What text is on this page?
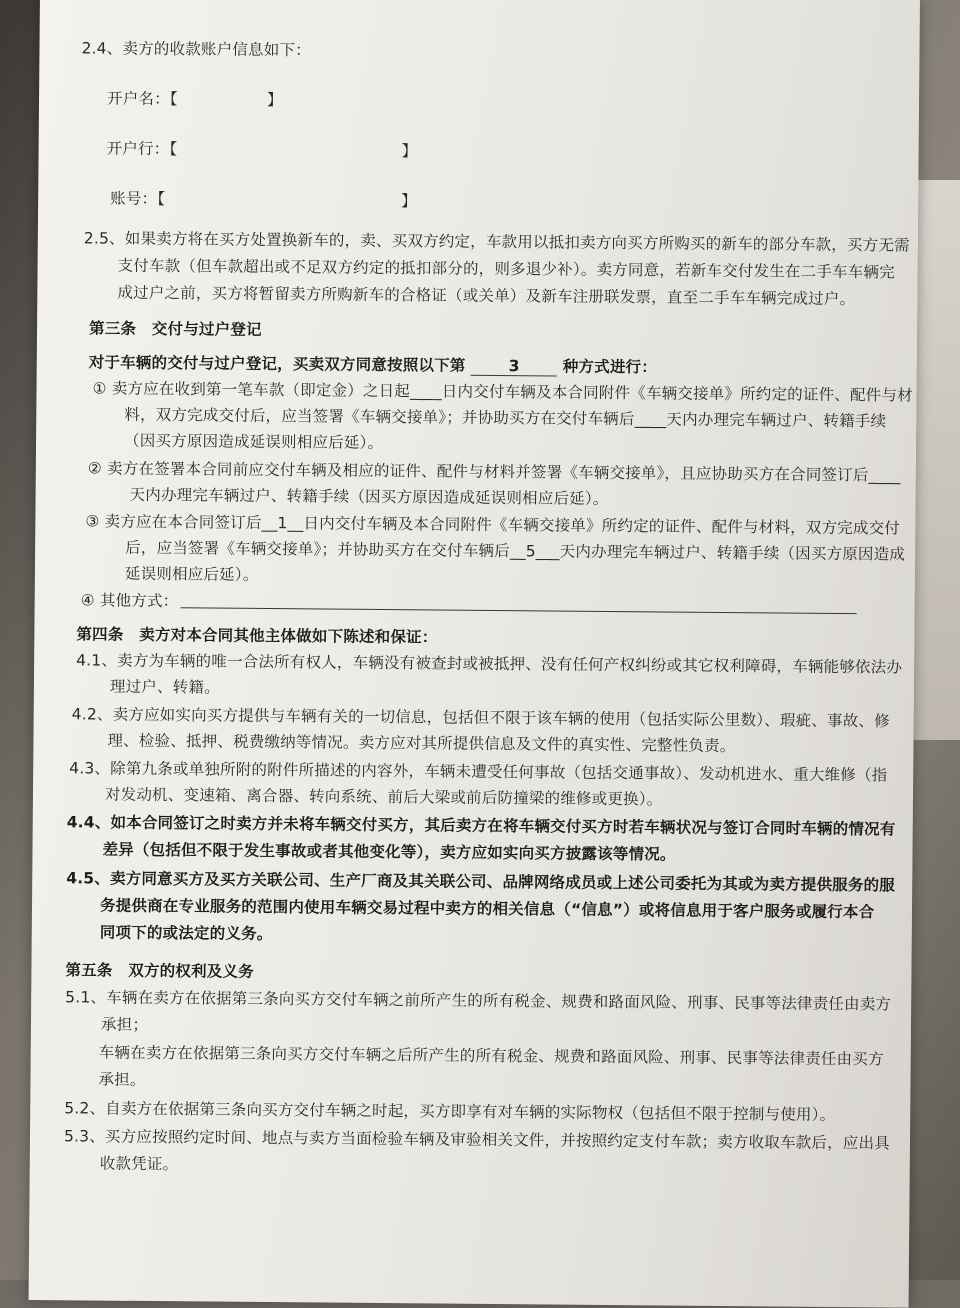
2.4、卖方的收款账户信息如下：
开户名：【	】
开户行：【	】
账号：【	】
2.5、如果卖方将在买方处置换新车的，卖、买双方约定，车款用以抵扣卖方向买方所购买的新车的部分车款，买方无需
支付车款（但车款超出或不足双方约定的抵扣部分的，则多退少补）。卖方同意，若新车交付发生在二手车车辆完
成过户之前，买方将暂留卖方所购新车的合格证（或关单）及新车注册联发票，直至二手车车辆完成过户。
第三条　交付与过户登记
对于车辆的交付与过户登记，买卖双方同意按照以下第	3	种方式进行：
① 卖方应在收到第一笔车款（即定金）之日起____日内交付车辆及本合同附件《车辆交接单》所约定的证件、配件与材
料，双方完成交付后，应当签署《车辆交接单》；并协助买方在交付车辆后____天内办理完车辆过户、转籍手续
（因买方原因造成延误则相应后延）。
② 卖方在签署本合同前应交付车辆及相应的证件、配件与材料并签署《车辆交接单》，且应协助买方在合同签订后____
天内办理完车辆过户、转籍手续（因买方原因造成延误则相应后延）。
③ 卖方应在本合同签订后__1__日内交付车辆及本合同附件《车辆交接单》所约定的证件、配件与材料，双方完成交付
后，应当签署《车辆交接单》；并协助买方在交付车辆后__5___天内办理完车辆过户、转籍手续（因买方原因造成
延误则相应后延）。
④ 其他方式：
第四条　卖方对本合同其他主体做如下陈述和保证：
4.1、卖方为车辆的唯一合法所有权人，车辆没有被查封或被抵押、没有任何产权纠纷或其它权利障碍，车辆能够依法办
理过户、转籍。
4.2、卖方应如实向买方提供与车辆有关的一切信息，包括但不限于该车辆的使用（包括实际公里数）、瑕疵、事故、修
理、检验、抵押、税费缴纳等情况。卖方应对其所提供信息及文件的真实性、完整性负责。
4.3、除第九条或单独所附的附件所描述的内容外，车辆未遭受任何事故（包括交通事故）、发动机进水、重大维修（指
对发动机、变速箱、离合器、转向系统、前后大梁或前后防撞梁的维修或更换）。
4.4、如本合同签订之时卖方并未将车辆交付买方，其后卖方在将车辆交付买方时若车辆状况与签订合同时车辆的情况有
差异（包括但不限于发生事故或者其他变化等），卖方应如实向买方披露该等情况。
4.5、卖方同意买方及买方关联公司、生产厂商及其关联公司、品牌网络成员或上述公司委托为其或为卖方提供服务的服
务提供商在专业服务的范围内使用车辆交易过程中卖方的相关信息（“信息”）或将信息用于客户服务或履行本合
同项下的或法定的义务。
第五条　双方的权利及义务
5.1、车辆在卖方在依据第三条向买方交付车辆之前所产生的所有税金、规费和路面风险、刑事、民事等法律责任由卖方
承担；
车辆在卖方在依据第三条向买方交付车辆之后所产生的所有税金、规费和路面风险、刑事、民事等法律责任由买方
承担。
5.2、自卖方在依据第三条向买方交付车辆之时起，买方即享有对车辆的实际物权（包括但不限于控制与使用）。
5.3、买方应按照约定时间、地点与卖方当面检验车辆及审验相关文件，并按照约定支付车款；卖方收取车款后，应出具
收款凭证。
